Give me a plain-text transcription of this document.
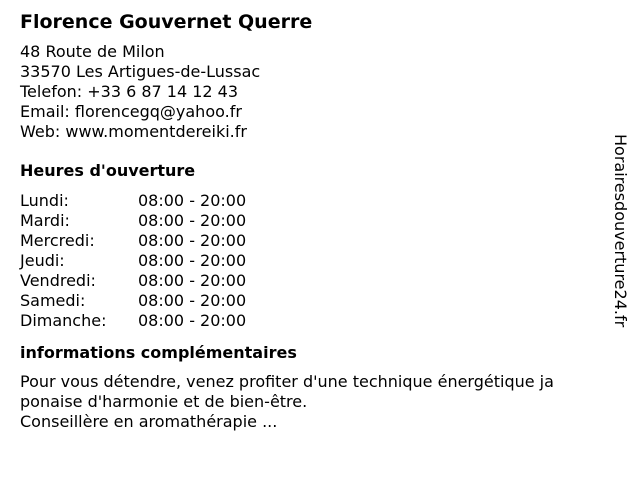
Florence Gouvernet Querre
48 Route de Milon
33570 Les Artigues-de-Lussac
Telefon: +33 6 87 14 12 43
Email: florencegq@yahoo.fr
Web: www.momentdereiki.fr
Heures d'ouverture
Lundi:	08:00 - 20:00
Mardi:	08:00 - 20:00
Mercredi:	08:00 - 20:00
Jeudi:	08:00 - 20:00
Vendredi:	08:00 - 20:00
Samedi:	08:00 - 20:00
Dimanche:	08:00 - 20:00
informations complémentaires
Pour vous détendre, venez profiter d'une technique énergétique ja
ponaise d'harmonie et de bien-être.
Conseillère en aromathérapie ...
Horairesdouverture24.fr
